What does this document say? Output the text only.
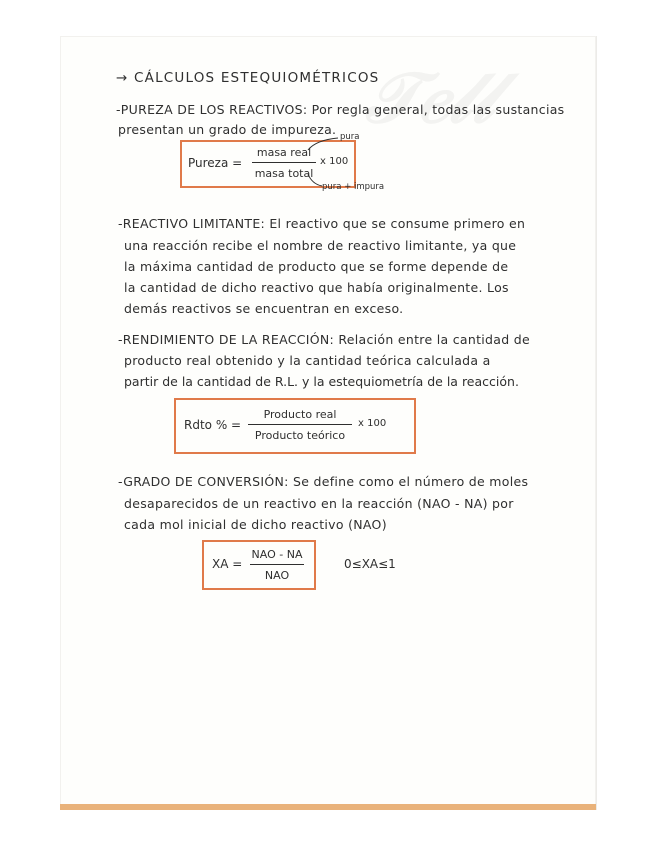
𝒯𝑒𝓁𝓁
→ CÁLCULOS ESTEQUIOMÉTRICOS
-PUREZA DE LOS REACTIVOS: Por regla general, todas las sustancias
presentan un grado de impureza.
Pureza =
masa real
masa total
x 100
pura
pura + impura
-REACTIVO LIMITANTE: El reactivo que se consume primero en
una reacción recibe el nombre de reactivo limitante, ya que
la máxima cantidad de producto que se forme depende de
la cantidad de dicho reactivo que había originalmente. Los
demás reactivos se encuentran en exceso.
-RENDIMIENTO DE LA REACCIÓN: Relación entre la cantidad de
producto real obtenido y la cantidad teórica calculada a
partir de la cantidad de R.L. y la estequiometría de la reacción.
Rdto % =
Producto real
Producto teórico
x 100
-GRADO DE CONVERSIÓN: Se define como el número de moles
desaparecidos de un reactivo en la reacción (NAO - NA) por
cada mol inicial de dicho reactivo (NAO)
XA =
NAO - NA
NAO
0≤XA≤1
